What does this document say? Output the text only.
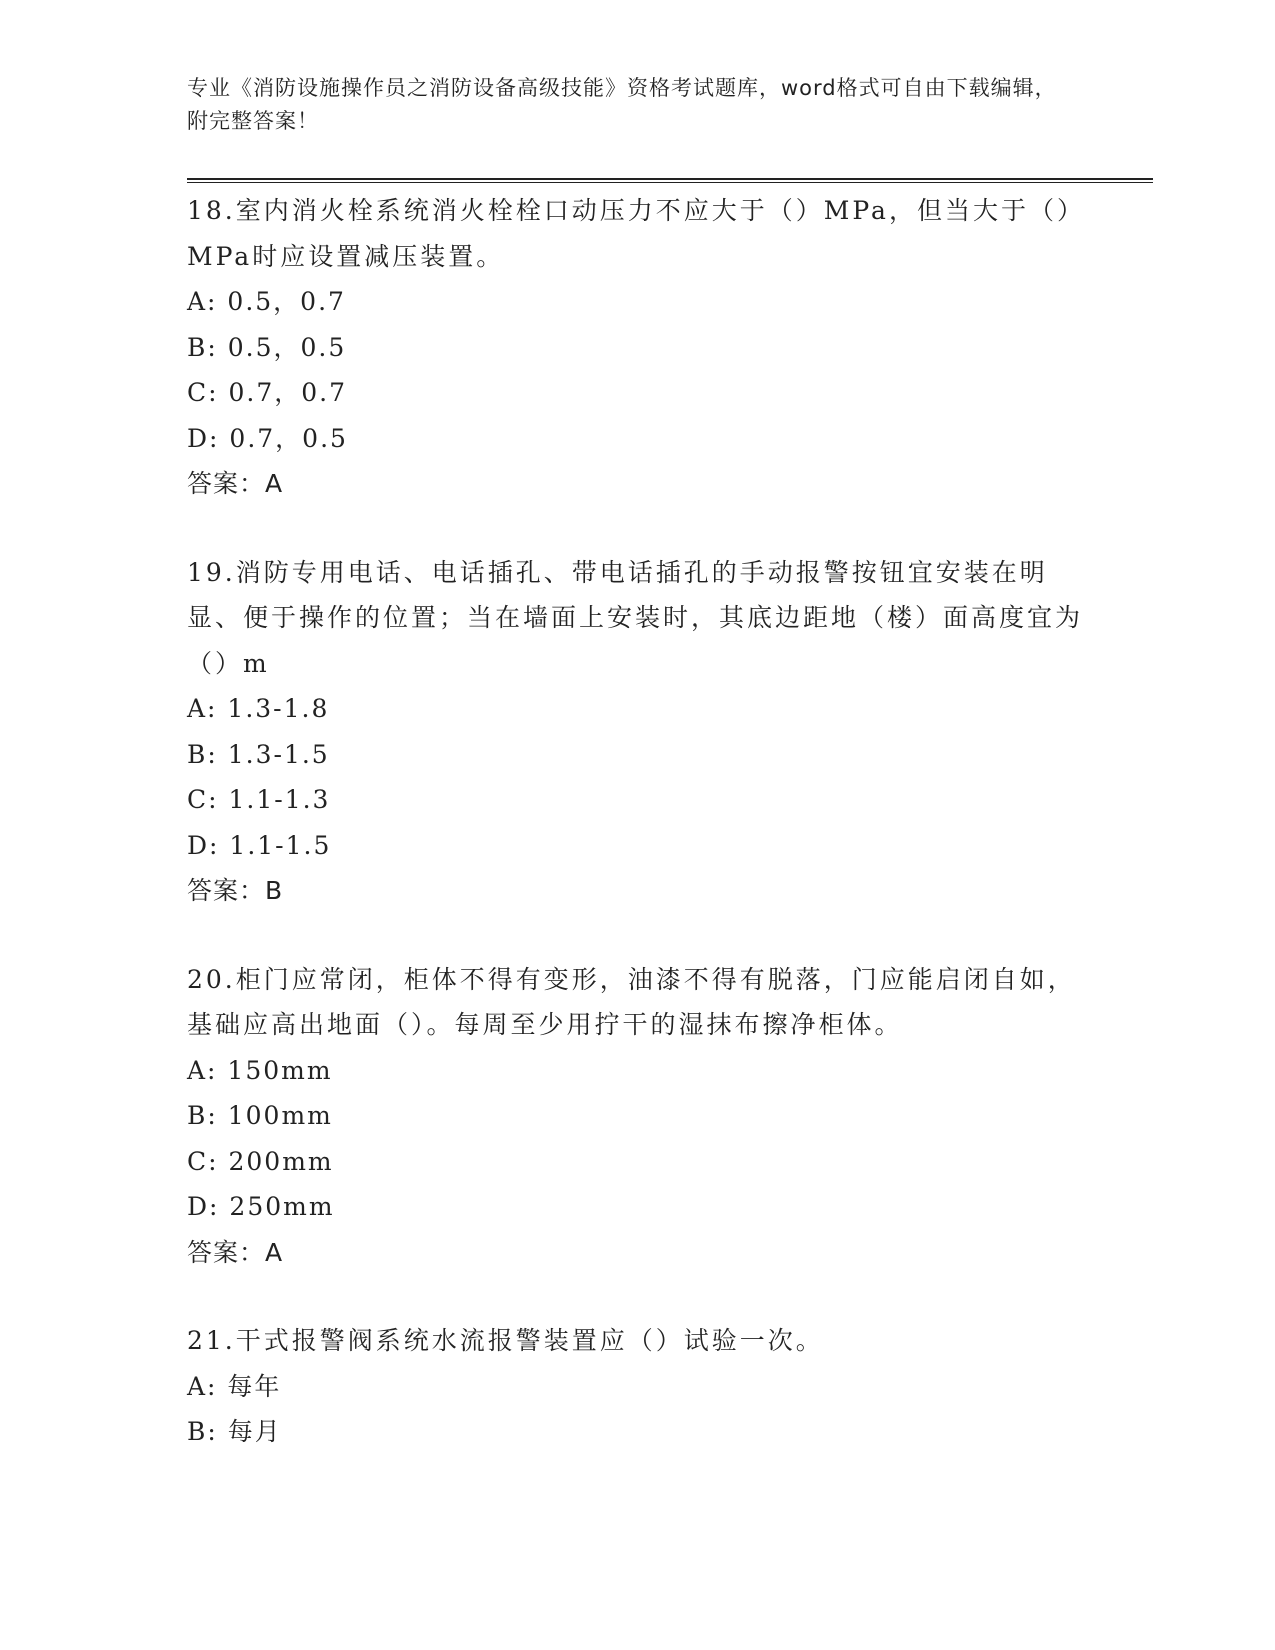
专业《消防设施操作员之消防设备高级技能》资格考试题库，word格式可自由下载编辑，附完整答案！
18.室内消火栓系统消火栓栓口动压力不应大于（）MPa，但当大于（）MPa时应设置减压装置。
A: 0.5，0.7
B: 0.5，0.5
C: 0.7，0.7
D: 0.7，0.5
答案：A
19.消防专用电话、电话插孔、带电话插孔的手动报警按钮宜安装在明显、便于操作的位置；当在墙面上安装时，其底边距地（楼）面高度宜为（）m
A: 1.3-1.8
B: 1.3-1.5
C: 1.1-1.3
D: 1.1-1.5
答案：B
20.柜门应常闭，柜体不得有变形，油漆不得有脱落，门应能启闭自如，基础应高出地面（）。每周至少用拧干的湿抹布擦净柜体。
A: 150mm
B: 100mm
C: 200mm
D: 250mm
答案：A
21.干式报警阀系统水流报警装置应（）试验一次。
A: 每年
B: 每月
